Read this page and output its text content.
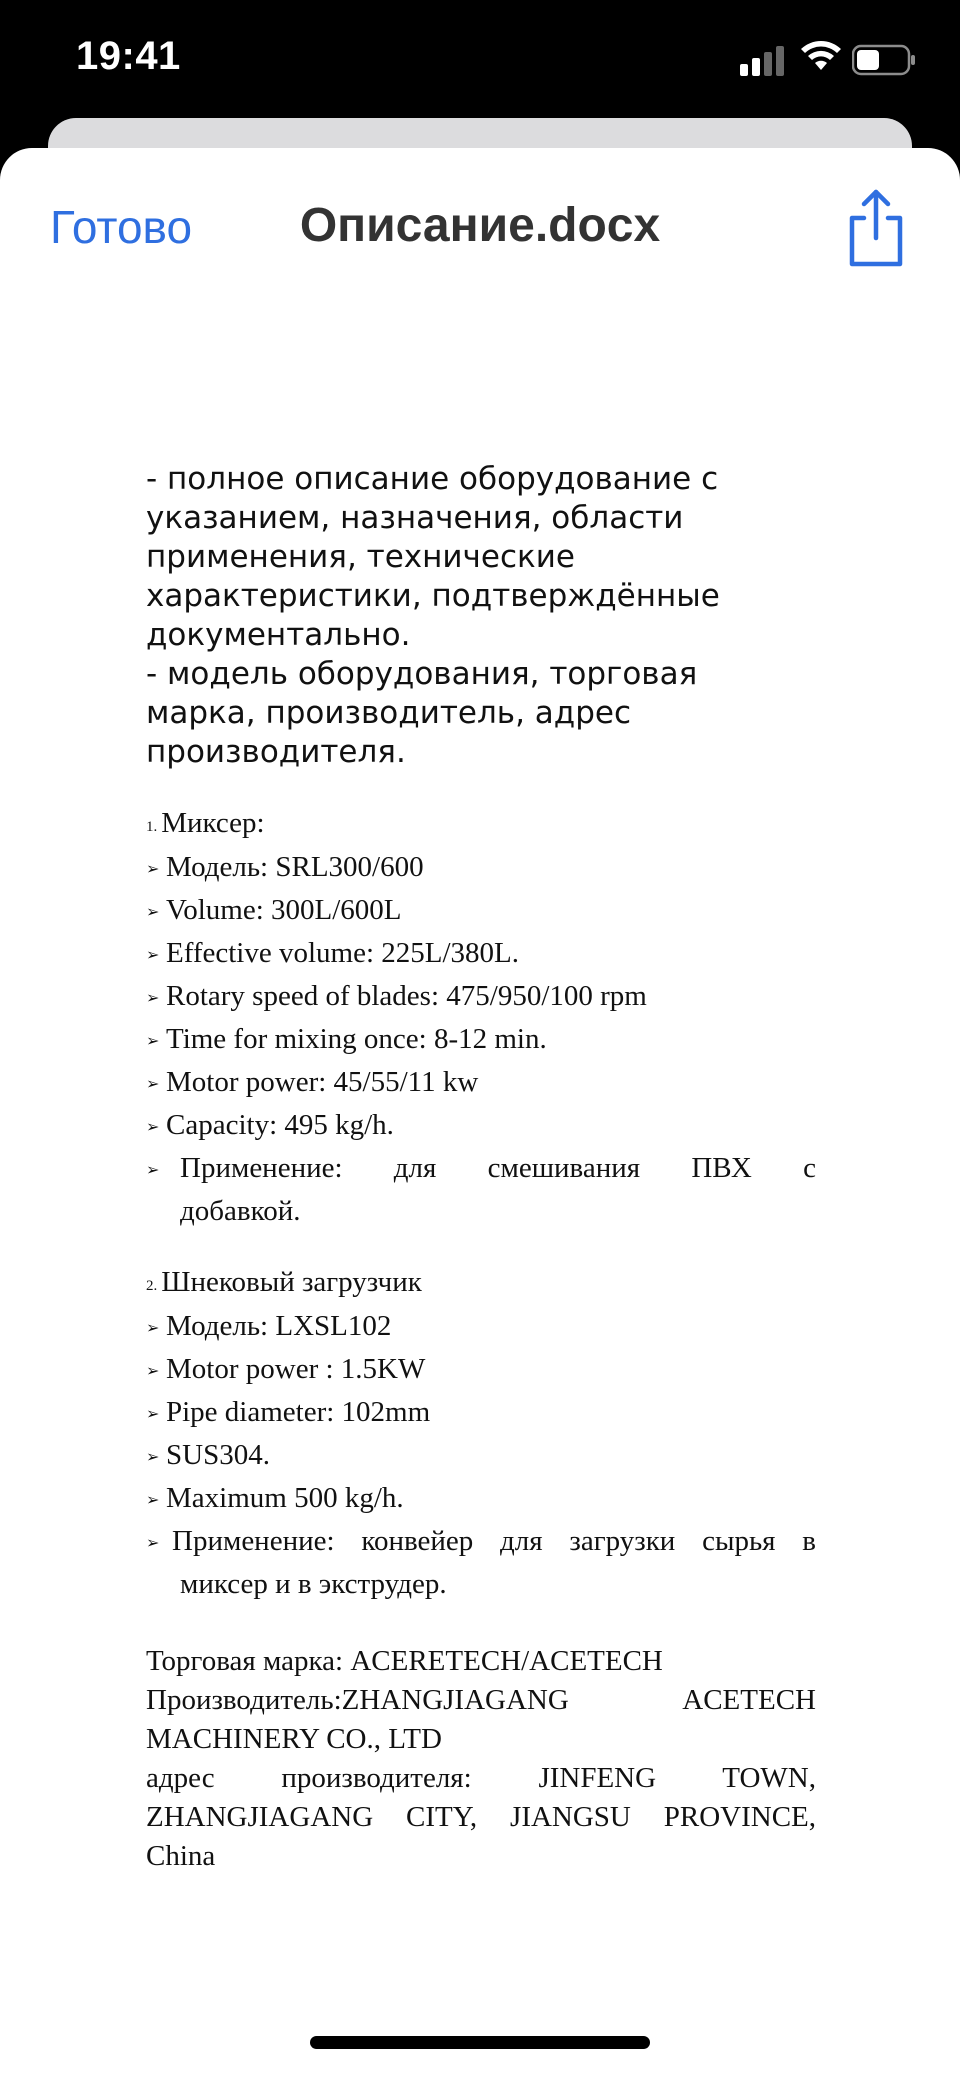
19:41
Описание.docx
Готово

- полное описание оборудование с указанием, назначения, области применения, технические характеристики, подтверждённые документально.

- модель оборудования, торговая марка, производитель, адрес производителя.

1. Миксер:
➢ Модель: SRL300/600
➢ Volume: 300L/600L
➢ Effective volume: 225L/380L.
➢ Rotary speed of blades: 475/950/100 rpm
➢ Time for mixing once: 8-12 min.
➢ Motor power: 45/55/11 kw
➢ Capacity: 495 kg/h.
➢ Применение: для смешивания ПВХ с
добавкой.
2. Шнековый загрузчик
➢ Модель: LXSL102
➢ Motor power : 1.5KW
➢ Pipe diameter: 102mm
➢ SUS304.
➢ Maximum 500 kg/h.
➢ Применение: конвейер для загрузки сырья в
миксер и в экструдер.

Торговая марка: ACERETECH/ACETECH

Производитель:ZHANGJIAGANG ACETECH

MACHINERY CO., LTD

адрес производителя: JINFENG TOWN,

ZHANGJIAGANG CITY, JIANGSU PROVINCE,

China
